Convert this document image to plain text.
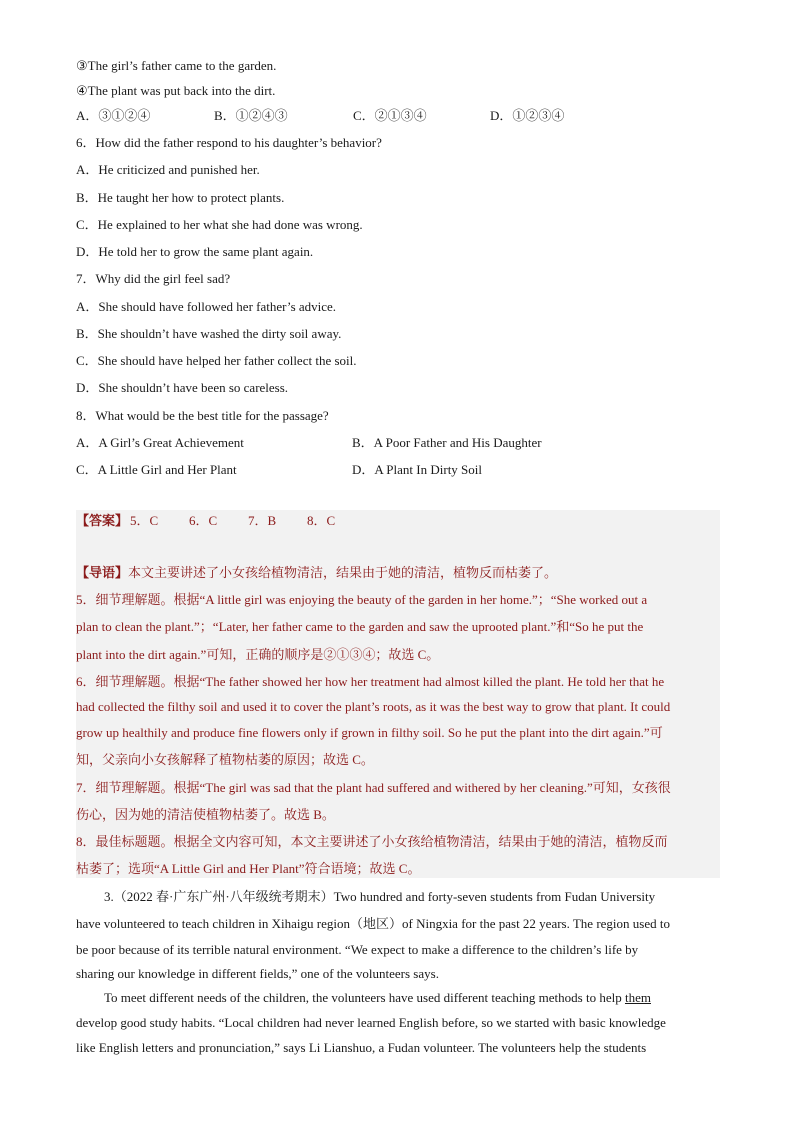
③The girl’s father came to the garden.
④The plant was put back into the dirt.
A．③①②④	B．①②④③	C．②①③④	D．①②③④
6．How did the father respond to his daughter’s behavior?
A．He criticized and punished her.
B．He taught her how to protect plants.
C．He explained to her what she had done was wrong.
D．He told her to grow the same plant again.
7．Why did the girl feel sad?
A．She should have followed her father’s advice.
B．She shouldn’t have washed the dirty soil away.
C．She should have helped her father collect the soil.
D．She shouldn’t have been so careless.
8．What would be the best title for the passage?
A．A Girl’s Great Achievement	B．A Poor Father and His Daughter
C．A Little Girl and Her Plant	D．A Plant In Dirty Soil
【答案】 5．C 6．C 7．B 8．C
【导语】本文主要讲述了小女孩给植物清洁，结果由于她的清洁，植物反而枯萎了。
5．细节理解题。根据“A little girl was enjoying the beauty of the garden in her home.”；“She worked out a
plan to clean the plant.”；“Later, her father came to the garden and saw the uprooted plant.”和“So he put the
plant into the dirt again.”可知，正确的顺序是②①③④；故选 C。
6．细节理解题。根据“The father showed her how her treatment had almost killed the plant. He told her that he
had collected the filthy soil and used it to cover the plant’s roots, as it was the best way to grow that plant. It could
grow up healthily and produce fine flowers only if grown in filthy soil. So he put the plant into the dirt again.”可
知，父亲向小女孩解释了植物枯萎的原因；故选 C。
7．细节理解题。根据“The girl was sad that the plant had suffered and withered by her cleaning.”可知，女孩很
伤心，因为她的清洁使植物枯萎了。故选 B。
8．最佳标题题。根据全文内容可知，本文主要讲述了小女孩给植物清洁，结果由于她的清洁，植物反而
枯萎了；选项“A Little Girl and Her Plant”符合语境；故选 C。
3.（2022 春·广东广州·八年级统考期末）Two hundred and forty-seven students from Fudan University
have volunteered to teach children in Xihaigu region（地区）of Ningxia for the past 22 years. The region used to
be poor because of its terrible natural environment. “We expect to make a difference to the children’s life by
sharing our knowledge in different fields,” one of the volunteers says.
To meet different needs of the children, the volunteers have used different teaching methods to help them
develop good study habits. “Local children had never learned English before, so we started with basic knowledge
like English letters and pronunciation,” says Li Lianshuo, a Fudan volunteer. The volunteers help the students
